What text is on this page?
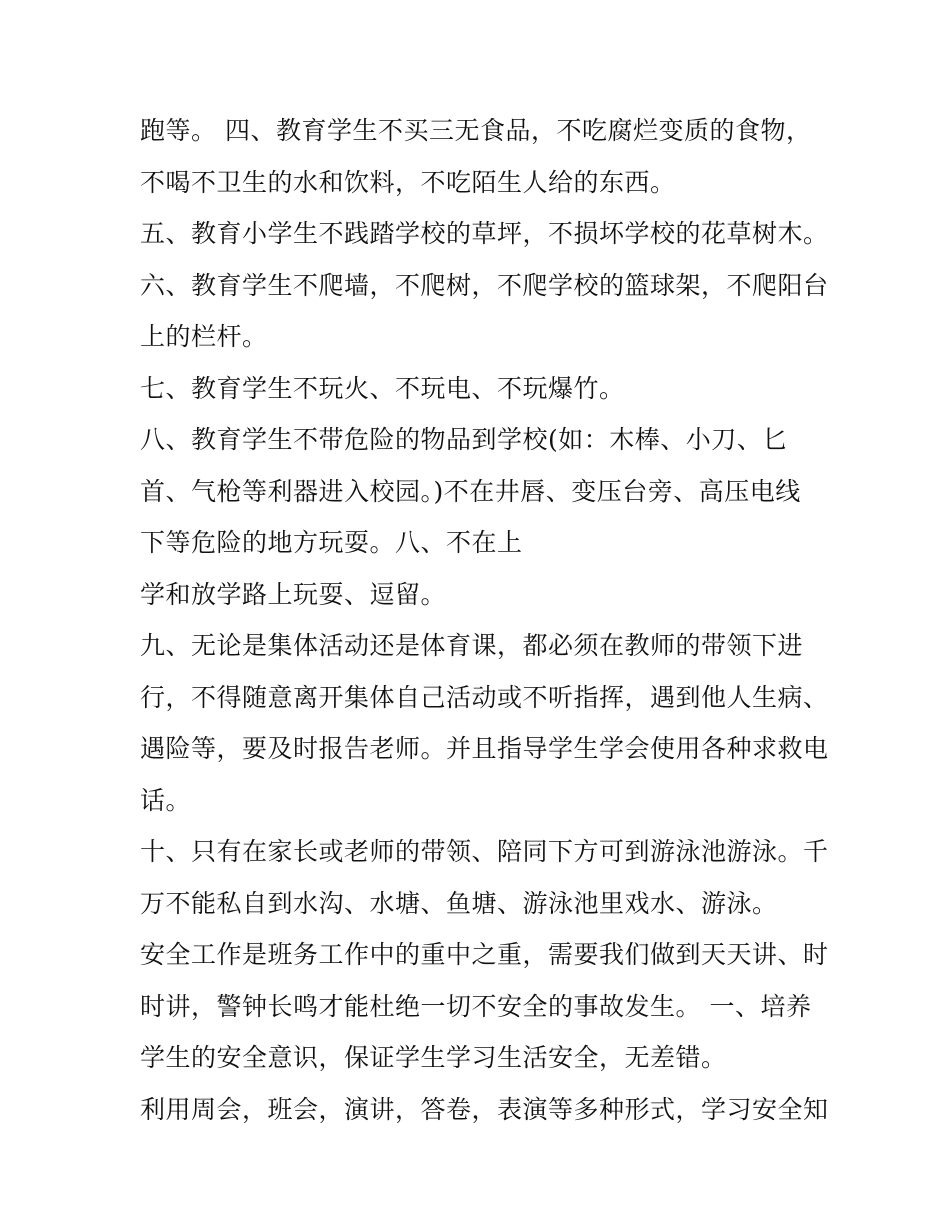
跑等。 四、教育学生不买三无食品，不吃腐烂变质的食物，
不喝不卫生的水和饮料，不吃陌生人给的东西。
五、教育小学生不践踏学校的草坪，不损坏学校的花草树木。
六、教育学生不爬墙，不爬树，不爬学校的篮球架，不爬阳台
上的栏杆。
七、教育学生不玩火、不玩电、不玩爆竹。
八、教育学生不带危险的物品到学校(如：木棒、小刀、匕
首、气枪等利器进入校园。)不在井唇、变压台旁、高压电线
下等危险的地方玩耍。八、不在上
学和放学路上玩耍、逗留。
九、无论是集体活动还是体育课，都必须在教师的带领下进
行，不得随意离开集体自己活动或不听指挥，遇到他人生病、
遇险等，要及时报告老师。并且指导学生学会使用各种求救电
话。
十、只有在家长或老师的带领、陪同下方可到游泳池游泳。千
万不能私自到水沟、水塘、鱼塘、游泳池里戏水、游泳。
安全工作是班务工作中的重中之重，需要我们做到天天讲、时
时讲，警钟长鸣才能杜绝一切不安全的事故发生。 一、培养
学生的安全意识，保证学生学习生活安全，无差错。
利用周会，班会，演讲，答卷，表演等多种形式，学习安全知
